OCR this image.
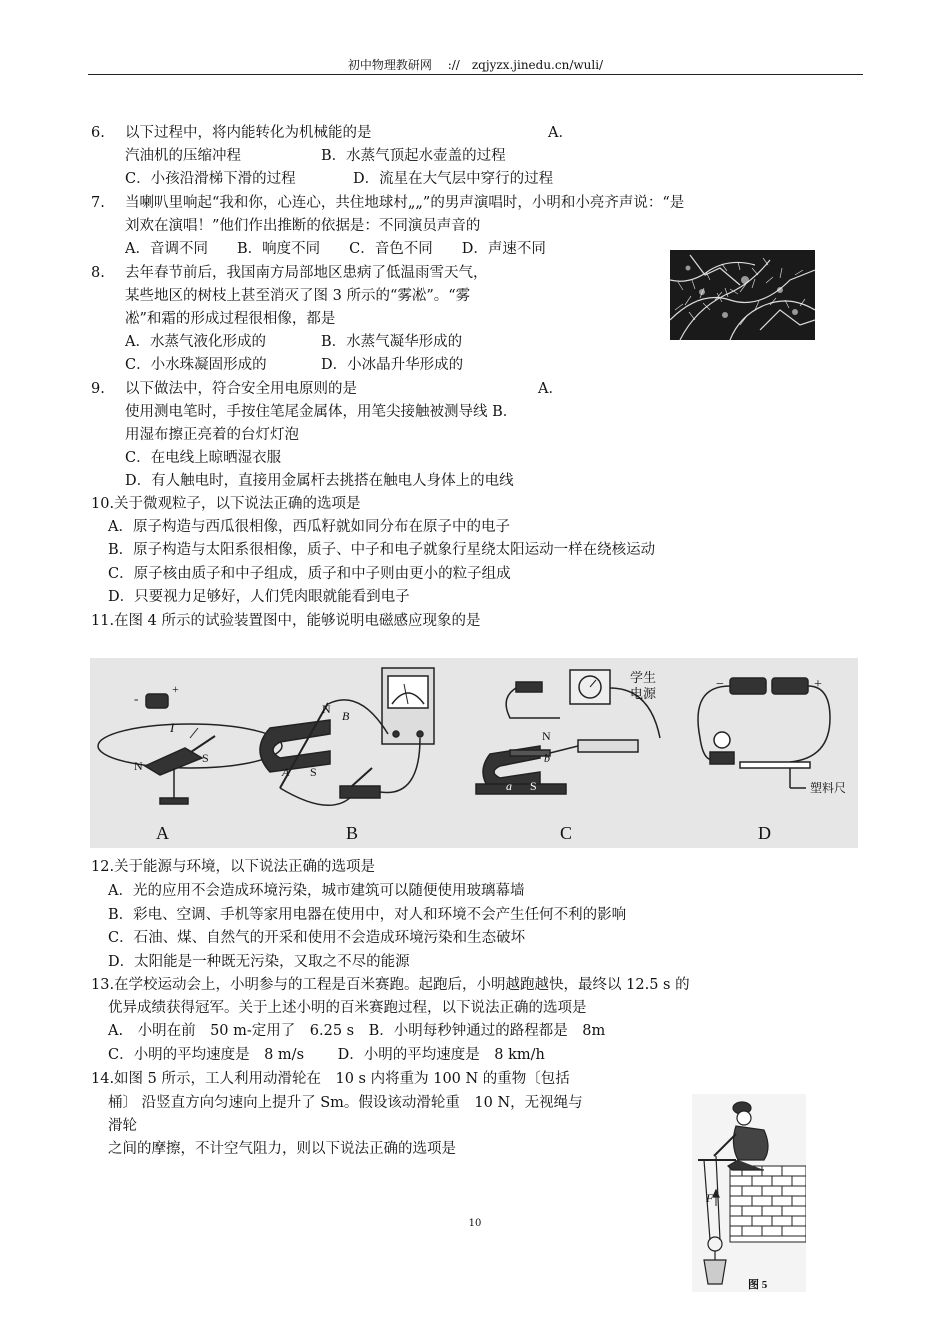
初中物理教研网　 ://　zqjyzx.jinedu.cn/wuli/
6. 以下过程中，将内能转化为机械能的是	A．
汽油机的压缩冲程	B．水蒸气顶起水壶盖的过程
C．小孩沿滑梯下滑的过程	D．流星在大气层中穿行的过程
7. 当喇叭里响起“我和你，心连心，共住地球村„„”的男声演唱时，小明和小亮齐声说：“是
刘欢在演唱！”他们作出推断的依据是：不同演员声音的
A．音调不同　　B．响度不同　　C．音色不同　　D．声速不同
8. 去年春节前后，我国南方局部地区患病了低温雨雪天气，
某些地区的树枝上甚至消灭了图 3 所示的“雾凇”。“雾
凇”和霜的形成过程很相像，都是
A．水蒸气液化形成的	B．水蒸气凝华形成的
C．小水珠凝固形成的	D．小冰晶升华形成的
9. 以下做法中，符合安全用电原则的是	A．
使用测电笔时，手按住笔尾金属体，用笔尖接触被测导线 B．
用湿布擦正亮着的台灯灯泡
C．在电线上晾晒湿衣服
D．有人触电时，直接用金属杆去挑搭在触电人身体上的电线
10.关于微观粒子，以下说法正确的选项是
A．原子构造与西瓜很相像，西瓜籽就如同分布在原子中的电子
B．原子构造与太阳系很相像，质子、中子和电子就象行星绕太阳运动一样在绕核运动
C．原子核由质子和中子组成，质子和中子则由更小的粒子组成
D．只要视力足够好，人们凭肉眼就能看到电子
11.在图 4 所示的试验装置图中，能够说明电磁感应现象的是
-
+
I
N
S
A
N B
A S
B
学生
电源
N
b
a S
C
−	+
塑料尺
D
12.关于能源与环境，以下说法正确的选项是
A．光的应用不会造成环境污染，城市建筑可以随便使用玻璃幕墙
B．彩电、空调、手机等家用电器在使用中，对人和环境不会产生任何不利的影响
C．石油、煤、自然气的开采和使用不会造成环境污染和生态破坏
D．太阳能是一种既无污染，又取之不尽的能源
13.在学校运动会上，小明参与的工程是百米赛跑。起跑后，小明越跑越快，最终以 12.5 s 的
优异成绩获得冠军。关于上述小明的百米赛跑过程，以下说法正确的选项是
A.　小明在前　50 m-定用了　6.25 s　B．小明每秒钟通过的路程都是　8m
C．小明的平均速度是　8 m/s　　 D．小明的平均速度是　8 km/h
14.如图 5 所示，工人利用动滑轮在　10 s 内将重为 100 N 的重物〔包括
桶〕 沿竖直方向匀速向上提升了 Sm。假设该动滑轮重　10 N，无视绳与
滑轮
之间的摩擦，不计空气阻力，则以下说法正确的选项是
F
图 5
10
